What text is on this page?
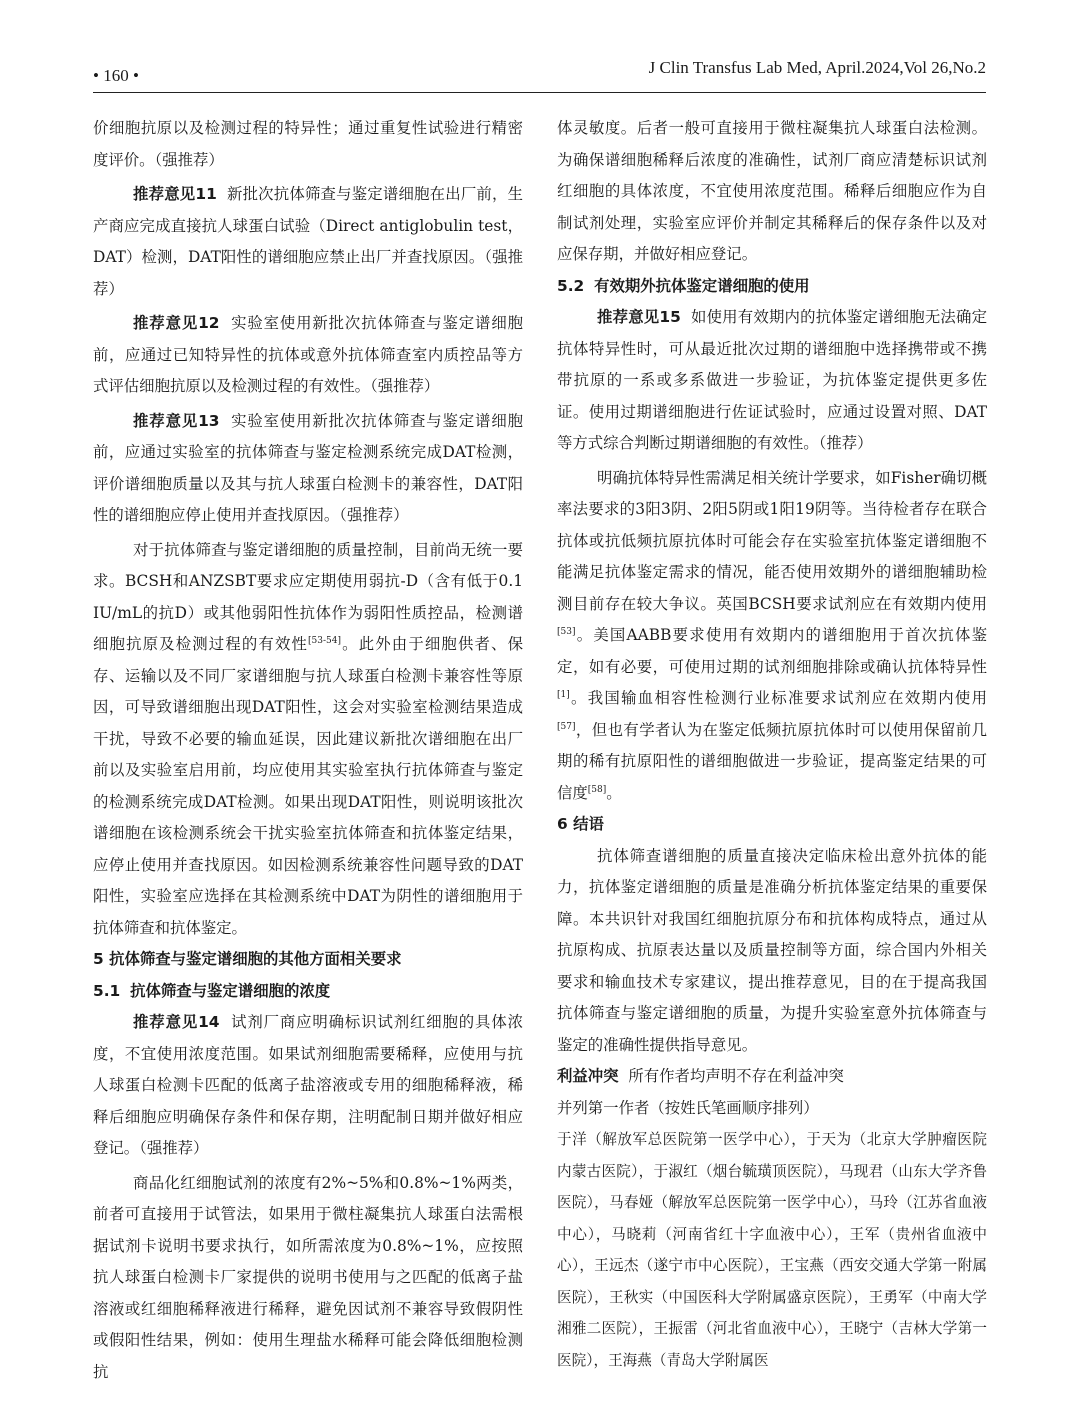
• 160 •	J Clin Transfus Lab Med, April.2024,Vol 26,No.2

价细胞抗原以及检测过程的特异性；通过重复性试验进行精密度评价。（强推荐）

推荐意见11 新批次抗体筛查与鉴定谱细胞在出厂前，生产商应完成直接抗人球蛋白试验（Direct antiglobulin test，DAT）检测，DAT阳性的谱细胞应禁止出厂并查找原因。（强推荐）

推荐意见12 实验室使用新批次抗体筛查与鉴定谱细胞前，应通过已知特异性的抗体或意外抗体筛查室内质控品等方式评估细胞抗原以及检测过程的有效性。（强推荐）

推荐意见13 实验室使用新批次抗体筛查与鉴定谱细胞前，应通过实验室的抗体筛查与鉴定检测系统完成DAT检测，评价谱细胞质量以及其与抗人球蛋白检测卡的兼容性，DAT阳性的谱细胞应停止使用并查找原因。（强推荐）

对于抗体筛查与鉴定谱细胞的质量控制，目前尚无统一要求。BCSH和ANZSBT要求应定期使用弱抗-D（含有低于0.1 IU/mL的抗D）或其他弱阳性抗体作为弱阳性质控品，检测谱细胞抗原及检测过程的有效性[53-54]。此外由于细胞供者、保存、运输以及不同厂家谱细胞与抗人球蛋白检测卡兼容性等原因，可导致谱细胞出现DAT阳性，这会对实验室检测结果造成干扰，导致不必要的输血延误，因此建议新批次谱细胞在出厂前以及实验室启用前，均应使用其实验室执行抗体筛查与鉴定的检测系统完成DAT检测。如果出现DAT阳性，则说明该批次谱细胞在该检测系统会干扰实验室抗体筛查和抗体鉴定结果，应停止使用并查找原因。如因检测系统兼容性问题导致的DAT阳性，实验室应选择在其检测系统中DAT为阴性的谱细胞用于抗体筛查和抗体鉴定。

5 抗体筛查与鉴定谱细胞的其他方面相关要求

5.1 抗体筛查与鉴定谱细胞的浓度

推荐意见14 试剂厂商应明确标识试剂红细胞的具体浓度，不宜使用浓度范围。如果试剂细胞需要稀释，应使用与抗人球蛋白检测卡匹配的低离子盐溶液或专用的细胞稀释液，稀释后细胞应明确保存条件和保存期，注明配制日期并做好相应登记。（强推荐）

商品化红细胞试剂的浓度有2%~5%和0.8%~1%两类，前者可直接用于试管法，如果用于微柱凝集抗人球蛋白法需根据试剂卡说明书要求执行，如所需浓度为0.8%~1%，应按照抗人球蛋白检测卡厂家提供的说明书使用与之匹配的低离子盐溶液或红细胞稀释液进行稀释，避免因试剂不兼容导致假阴性或假阳性结果，例如：使用生理盐水稀释可能会降低细胞检测抗

体灵敏度。后者一般可直接用于微柱凝集抗人球蛋白法检测。为确保谱细胞稀释后浓度的准确性，试剂厂商应清楚标识试剂红细胞的具体浓度，不宜使用浓度范围。稀释后细胞应作为自制试剂处理，实验室应评价并制定其稀释后的保存条件以及对应保存期，并做好相应登记。

5.2 有效期外抗体鉴定谱细胞的使用

推荐意见15 如使用有效期内的抗体鉴定谱细胞无法确定抗体特异性时，可从最近批次过期的谱细胞中选择携带或不携带抗原的一系或多系做进一步验证，为抗体鉴定提供更多佐证。使用过期谱细胞进行佐证试验时，应通过设置对照、DAT等方式综合判断过期谱细胞的有效性。（推荐）

明确抗体特异性需满足相关统计学要求，如Fisher确切概率法要求的3阳3阴、2阳5阴或1阳19阴等。当待检者存在联合抗体或抗低频抗原抗体时可能会存在实验室抗体鉴定谱细胞不能满足抗体鉴定需求的情况，能否使用效期外的谱细胞辅助检测目前存在较大争议。英国BCSH要求试剂应在有效期内使用[53]。美国AABB要求使用有效期内的谱细胞用于首次抗体鉴定，如有必要，可使用过期的试剂细胞排除或确认抗体特异性[1]。我国输血相容性检测行业标准要求试剂应在效期内使用[57]，但也有学者认为在鉴定低频抗原抗体时可以使用保留前几期的稀有抗原阳性的谱细胞做进一步验证，提高鉴定结果的可信度[58]。

6 结语

抗体筛查谱细胞的质量直接决定临床检出意外抗体的能力，抗体鉴定谱细胞的质量是准确分析抗体鉴定结果的重要保障。本共识针对我国红细胞抗原分布和抗体构成特点，通过从抗原构成、抗原表达量以及质量控制等方面，综合国内外相关要求和输血技术专家建议，提出推荐意见，目的在于提高我国抗体筛查与鉴定谱细胞的质量，为提升实验室意外抗体筛查与鉴定的准确性提供指导意见。

利益冲突 所有作者均声明不存在利益冲突

并列第一作者（按姓氏笔画顺序排列）

于洋（解放军总医院第一医学中心），于天为（北京大学肿瘤医院内蒙古医院），于淑红（烟台毓璜顶医院），马现君（山东大学齐鲁医院），马春娅（解放军总医院第一医学中心），马玲（江苏省血液中心），马晓莉（河南省红十字血液中心），王军（贵州省血液中心），王远杰（遂宁市中心医院），王宝燕（西安交通大学第一附属医院），王秋实（中国医科大学附属盛京医院），王勇军（中南大学湘雅二医院），王振雷（河北省血液中心），王晓宁（吉林大学第一医院），王海燕（青岛大学附属医
